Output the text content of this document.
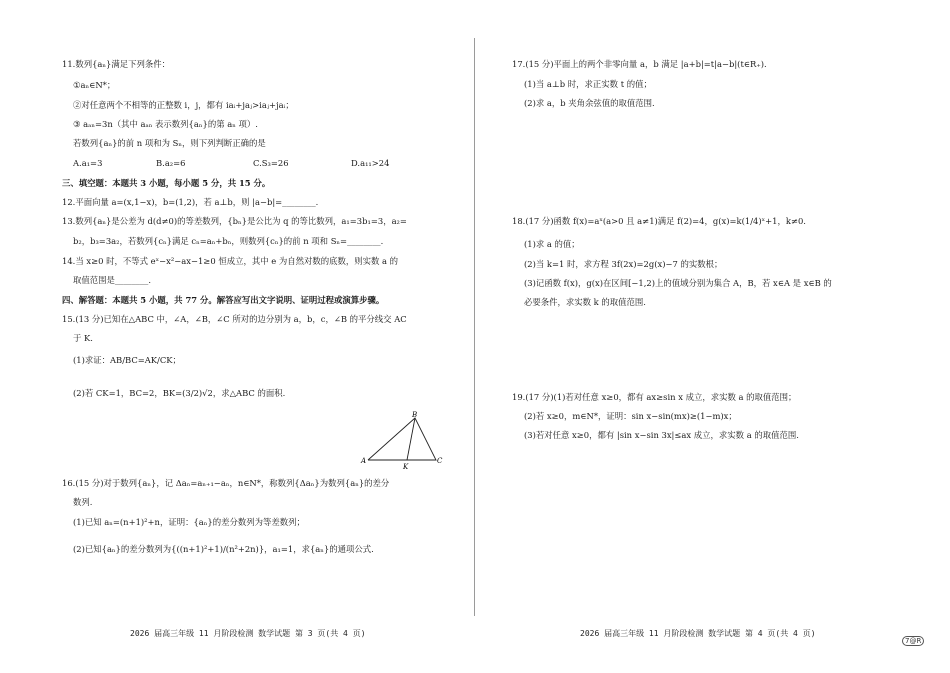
11.数列{aₙ}满足下列条件：
①aₙ∈N*；
②对任意两个不相等的正整数 i，j，都有 iaᵢ+jaⱼ>iaⱼ+jaᵢ；
③ aₐₙ=3n（其中 aₐₙ 表示数列{aₙ}的第 aₙ 项）.
若数列{aₙ}的前 n 项和为 Sₙ，则下列判断正确的是
A.a₁=3	B.a₂=6	C.S₃=26	D.a₁₁>24
三、填空题：本题共 3 小题，每小题 5 分，共 15 分。
12.平面向量 a=(x,1−x)，b=(1,2)，若 a⊥b，则 |a−b|=________.
13.数列{aₙ}是公差为 d(d≠0)的等差数列，{bₙ}是公比为 q 的等比数列，a₁=3b₁=3，a₂=
b₂，b₃=3a₂，若数列{cₙ}满足 cₙ=aₙ+bₙ，则数列{cₙ}的前 n 项和 Sₙ=________.
14.当 x≥0 时，不等式 eˣ−x²−ax−1≥0 恒成立，其中 e 为自然对数的底数，则实数 a 的
取值范围是________.
四、解答题：本题共 5 小题，共 77 分。解答应写出文字说明、证明过程或演算步骤。
15.(13 分)已知在△ABC 中，∠A，∠B，∠C 所对的边分别为 a，b，c，∠B 的平分线交 AC
于 K.
(1)求证：AB/BC=AK/CK；
(2)若 CK=1，BC=2，BK=(3/2)√2，求△ABC 的面积.
B
A
K
C
16.(15 分)对于数列{aₙ}，记 Δaₙ=aₙ₊₁−aₙ，n∈N*，称数列{Δaₙ}为数列{aₙ}的差分
数列.
(1)已知 aₙ=(n+1)²+n，证明：{aₙ}的差分数列为等差数列；
(2)已知{aₙ}的差分数列为{((n+1)²+1)/(n²+2n)}，a₁=1，求{aₙ}的通项公式.
2026 届高三年级 11 月阶段检测 数学试题 第 3 页(共 4 页)
17.(15 分)平面上的两个非零向量 a，b 满足 |a+b|=t|a−b|(t∈R₊).
(1)当 a⊥b 时，求正实数 t 的值；
(2)求 a，b 夹角余弦值的取值范围.
18.(17 分)函数 f(x)=aˣ(a>0 且 a≠1)满足 f(2)=4，g(x)=k(1/4)ˣ+1，k≠0.
(1)求 a 的值；
(2)当 k=1 时，求方程 3f(2x)=2g(x)−7 的实数根；
(3)记函数 f(x)，g(x)在区间[−1,2)上的值域分别为集合 A，B，若 x∈A 是 x∈B 的
必要条件，求实数 k 的取值范围.
19.(17 分)(1)若对任意 x≥0，都有 ax≥sin x 成立，求实数 a 的取值范围；
(2)若 x≥0，m∈N*，证明：sin x−sin(mx)≥(1−m)x；
(3)若对任意 x≥0，都有 |sin x−sin 3x|≤ax 成立，求实数 a 的取值范围.
2026 届高三年级 11 月阶段检测 数学试题 第 4 页(共 4 页)
7@R
